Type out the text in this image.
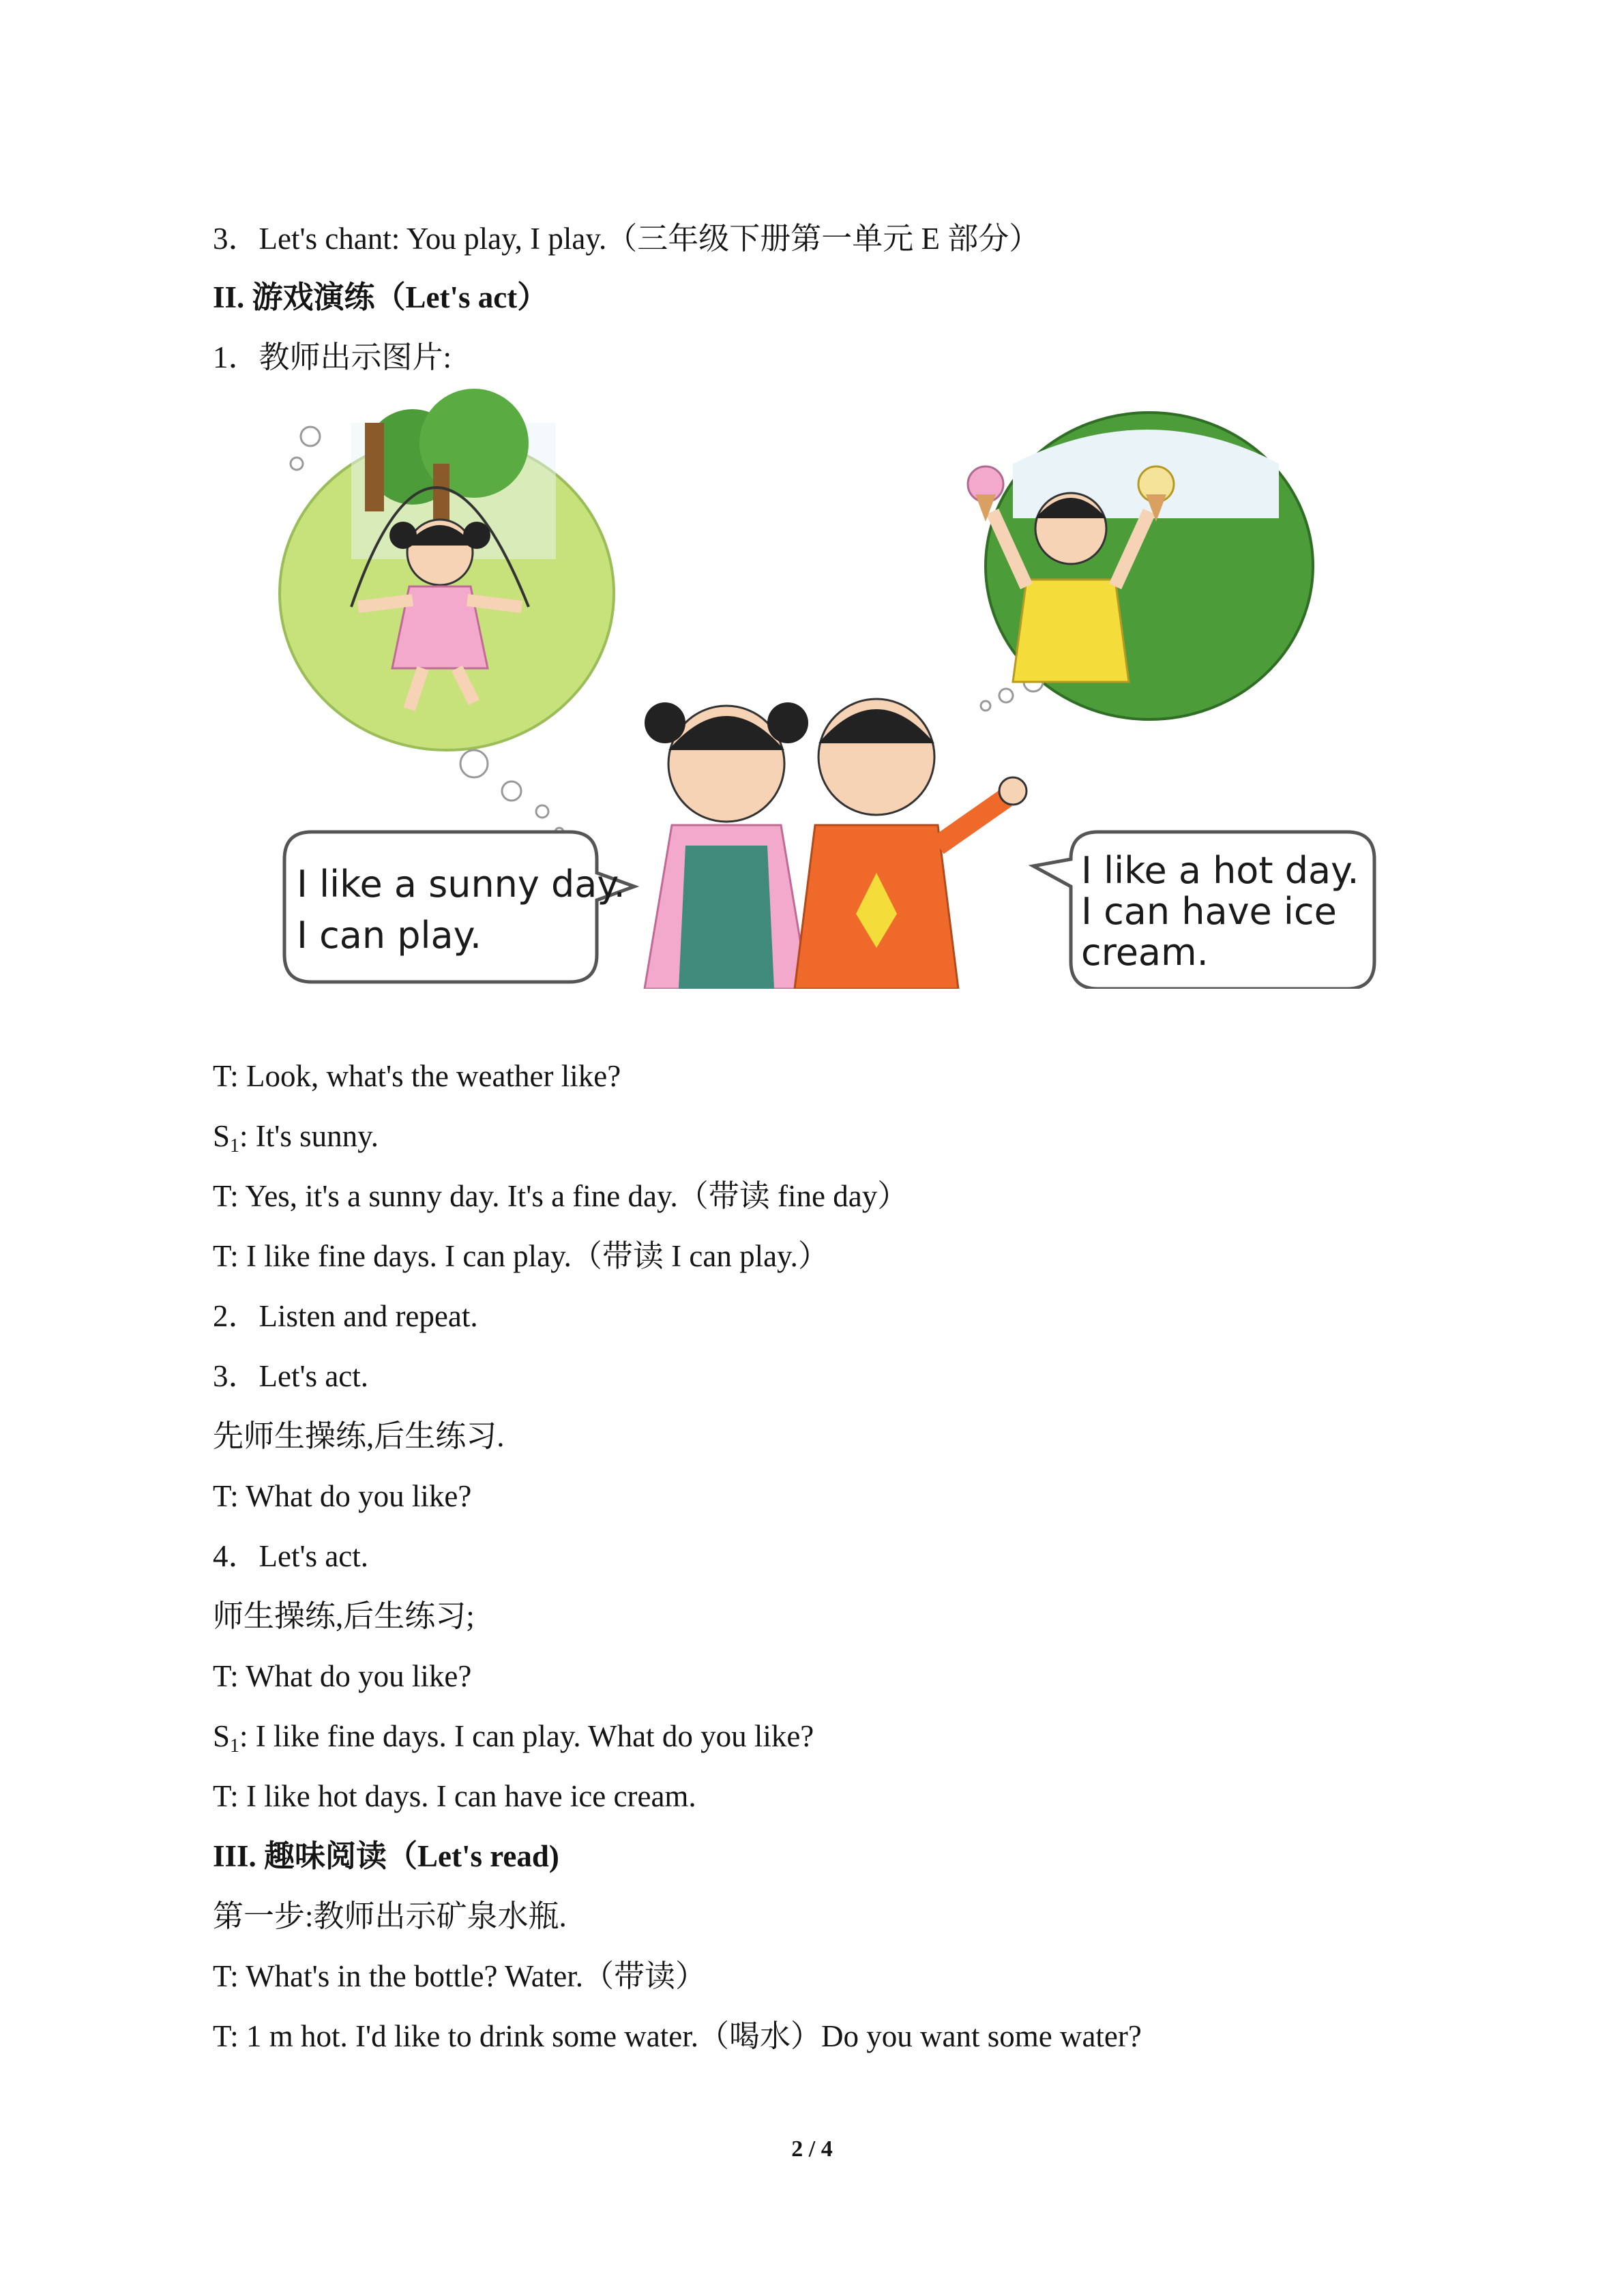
3．Let's chant: You play, I play.（三年级下册第一单元 E 部分）
II. 游戏演练（Let's act）
1．教师出示图片:
I like a sunny day.
I can play.
I like a hot day.
I can have ice
cream.
T: Look, what's the weather like?
$S_1$: It's sunny.
T: Yes, it's a sunny day. It's a fine day.（带读 fine day）
T: I like fine days. I can play.（带读 I can play.）
2．Listen and repeat.
3．Let's act.
先师生操练,后生练习.
T: What do you like?
4．Let's act.
师生操练,后生练习;
T: What do you like?
$S_1$: I like fine days. I can play. What do you like?
T: I like hot days. I can have ice cream.
III. 趣味阅读（Let's read)
第一步:教师出示矿泉水瓶.
T: What's in the bottle? Water.（带读）
T: 1 m hot. I'd like to drink some water.（喝水）Do you want some water?
2 / 4
